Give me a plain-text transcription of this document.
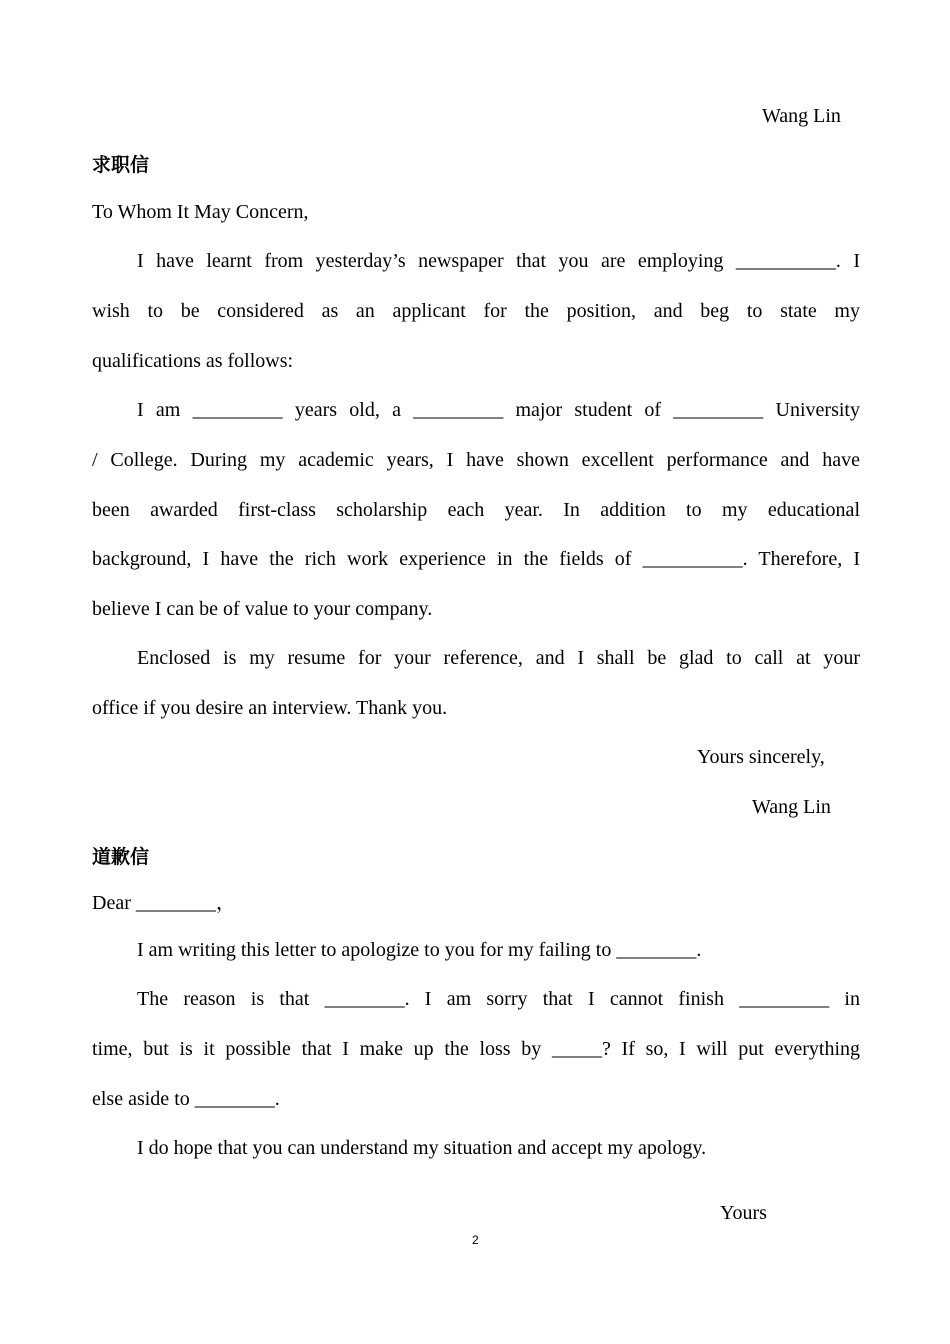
Wang Lin
求职信
To Whom It May Concern,
I have learnt from yesterday’s newspaper that you are employing __________. I
wish to be considered as an applicant for the position, and beg to state my
qualifications as follows:
I am _________ years old, a _________ major student of _________ University
/ College. During my academic years, I have shown excellent performance and have
been awarded first-class scholarship each year. In addition to my educational
background, I have the rich work experience in the fields of __________. Therefore, I
believe I can be of value to your company.
Enclosed is my resume for your reference, and I shall be glad to call at your
office if you desire an interview. Thank you.
Yours sincerely,
Wang Lin
道歉信
Dear ________，
I am writing this letter to apologize to you for my failing to ________.
The reason is that ________. I am sorry that I cannot finish _________ in
time, but is it possible that I make up the loss by _____? If so, I will put everything
else aside to ________.
I do hope that you can understand my situation and accept my apology.
Yours
2
